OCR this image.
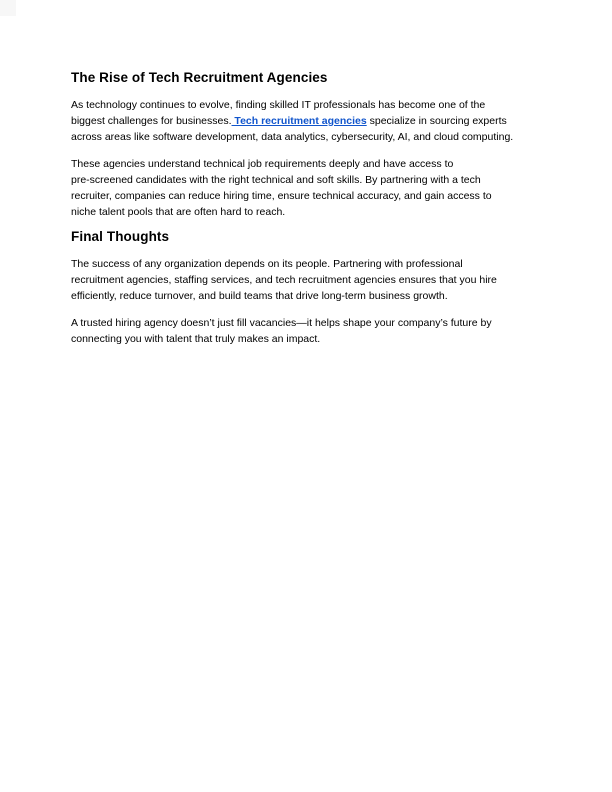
The Rise of Tech Recruitment Agencies

As technology continues to evolve, finding skilled IT professionals has become one of the
biggest challenges for businesses. Tech recruitment agencies specialize in sourcing experts
across areas like software development, data analytics, cybersecurity, AI, and cloud computing.

These agencies understand technical job requirements deeply and have access to
pre-screened candidates with the right technical and soft skills. By partnering with a tech
recruiter, companies can reduce hiring time, ensure technical accuracy, and gain access to
niche talent pools that are often hard to reach.

Final Thoughts

The success of any organization depends on its people. Partnering with professional
recruitment agencies, staffing services, and tech recruitment agencies ensures that you hire
efficiently, reduce turnover, and build teams that drive long-term business growth.

A trusted hiring agency doesn’t just fill vacancies—it helps shape your company’s future by
connecting you with talent that truly makes an impact.
